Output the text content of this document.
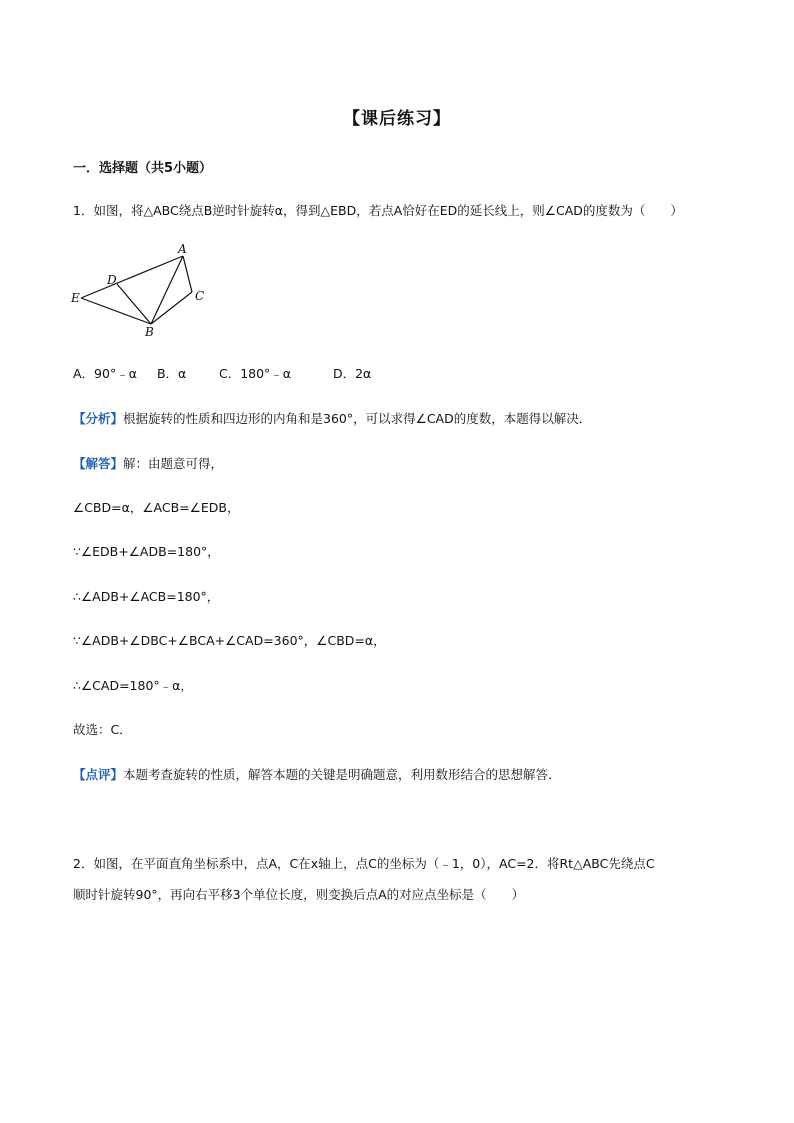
【课后练习】
一．选择题（共5小题）
1．如图，将△ABC绕点B逆时针旋转α，得到△EBD，若点A恰好在ED的延长线上，则∠CAD的度数为（　　）
A
B
C
D
E
A．90°﹣α B．α	C．180°﹣α	D．2α
【分析】根据旋转的性质和四边形的内角和是360°，可以求得∠CAD的度数，本题得以解决．
【解答】解：由题意可得，
∠CBD=α，∠ACB=∠EDB，
∵∠EDB+∠ADB=180°，
∴∠ADB+∠ACB=180°，
∵∠ADB+∠DBC+∠BCA+∠CAD=360°，∠CBD=α，
∴∠CAD=180°﹣α，
故选：C．
【点评】本题考查旋转的性质，解答本题的关键是明确题意，利用数形结合的思想解答．
2．如图，在平面直角坐标系中，点A，C在x轴上，点C的坐标为（﹣1，0），AC=2．将Rt△ABC先绕点C
顺时针旋转90°，再向右平移3个单位长度，则变换后点A的对应点坐标是（　　）
